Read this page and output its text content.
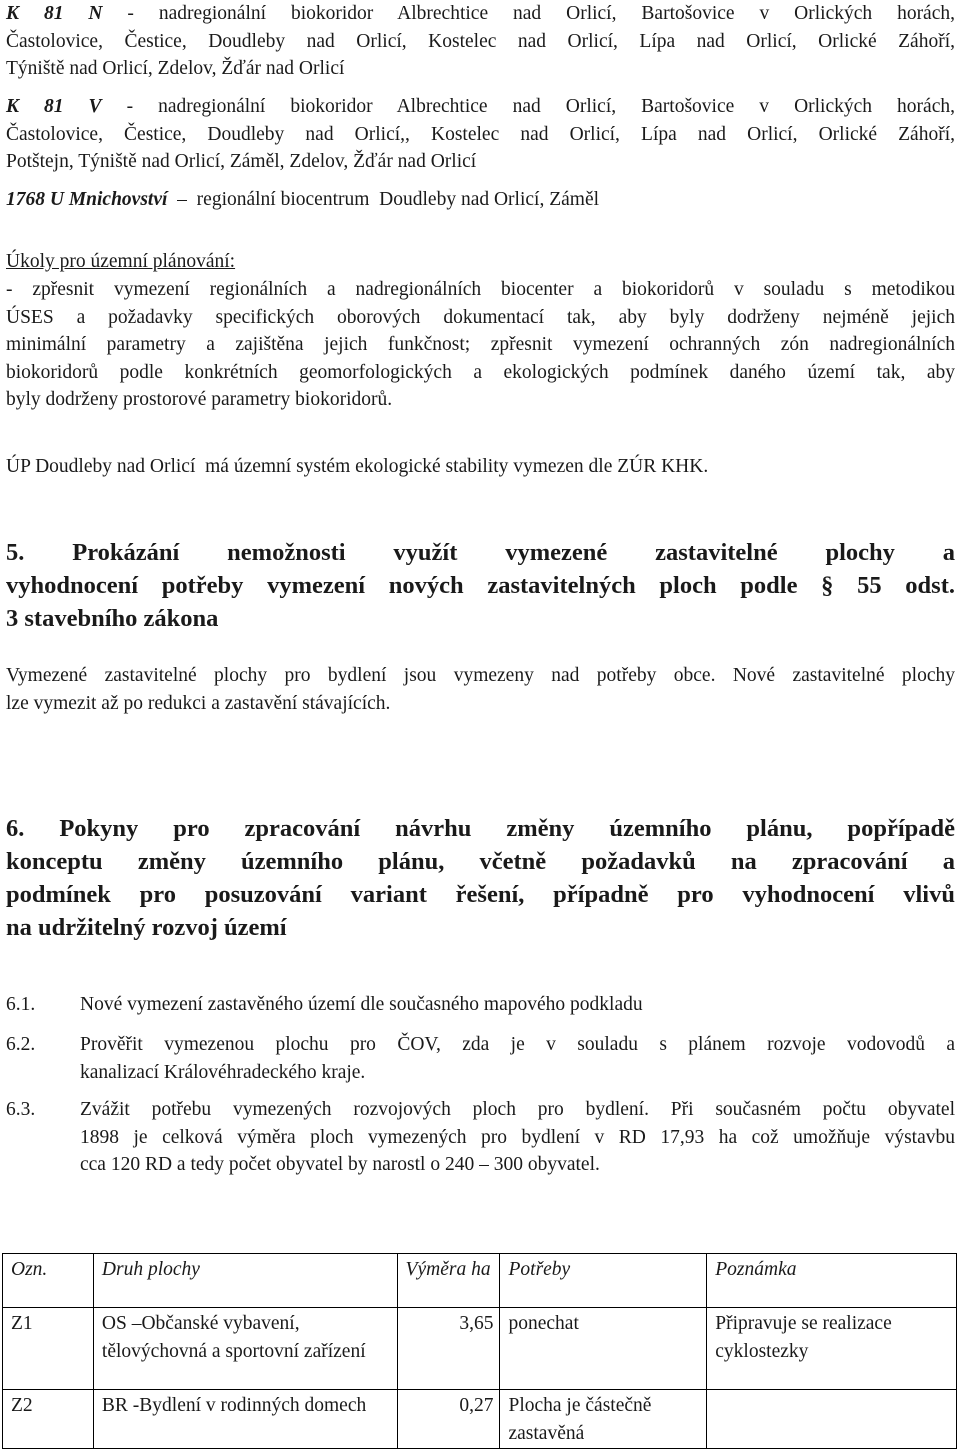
K 81 N - nadregionální biokoridor Albrechtice nad Orlicí, Bartošovice v Orlických horách,
Častolovice, Čestice, Doudleby nad Orlicí, Kostelec nad Orlicí, Lípa nad Orlicí, Orlické Záhoří,
Týniště nad Orlicí, Zdelov, Žďár nad Orlicí
K 81 V - nadregionální biokoridor Albrechtice nad Orlicí, Bartošovice v Orlických horách,
Častolovice, Čestice, Doudleby nad Orlicí,, Kostelec nad Orlicí, Lípa nad Orlicí, Orlické Záhoří,
Potštejn, Týniště nad Orlicí, Záměl, Zdelov, Žďár nad Orlicí
1768 U Mnichovství  –  regionální biocentrum  Doudleby nad Orlicí, Záměl
Úkoly pro územní plánování:
- zpřesnit vymezení regionálních a nadregionálních biocenter a biokoridorů v souladu s metodikou
ÚSES a požadavky specifických oborových dokumentací tak, aby byly dodrženy nejméně jejich
minimální parametry a zajištěna jejich funkčnost; zpřesnit vymezení ochranných zón nadregionálních
biokoridorů podle konkrétních geomorfologických a ekologických podmínek daného území tak, aby
byly dodrženy prostorové parametry biokoridorů.
ÚP Doudleby nad Orlicí  má územní systém ekologické stability vymezen dle ZÚR KHK.
5. Prokázání nemožnosti využít vymezené zastavitelné plochy a
vyhodnocení potřeby vymezení nových zastavitelných ploch podle § 55 odst.
3 stavebního zákona
Vymezené zastavitelné plochy pro bydlení jsou vymezeny nad potřeby obce. Nové zastavitelné plochy
lze vymezit až po redukci a zastavění stávajících.
6. Pokyny pro zpracování návrhu změny územního plánu, popřípadě
konceptu změny územního plánu, včetně požadavků na zpracování a
podmínek pro posuzování variant řešení, případně pro vyhodnocení vlivů
na udržitelný rozvoj území
6.1. Nové vymezení zastavěného území dle současného mapového podkladu
6.2. Prověřit vymezenou plochu pro ČOV, zda je v souladu s plánem rozvoje vodovodů a
kanalizací Královéhradeckého kraje.
6.3. Zvážit potřebu vymezených rozvojových ploch pro bydlení. Při současném počtu obyvatel
1898 je celková výměra ploch vymezených pro bydlení v RD 17,93 ha což umožňuje výstavbu
cca 120 RD a tedy počet obyvatel by narostl o 240 – 300 obyvatel.
Ozn.	Druh plochy	Výměra ha	Potřeby	Poznámka
Z1	OS –Občanské vybavení, tělovýchovná a sportovní zařízení	3,65	ponechat	Připravuje se realizace cyklostezky
Z2	BR -Bydlení v rodinných domech	0,27	Plocha je částečně zastavěná	
